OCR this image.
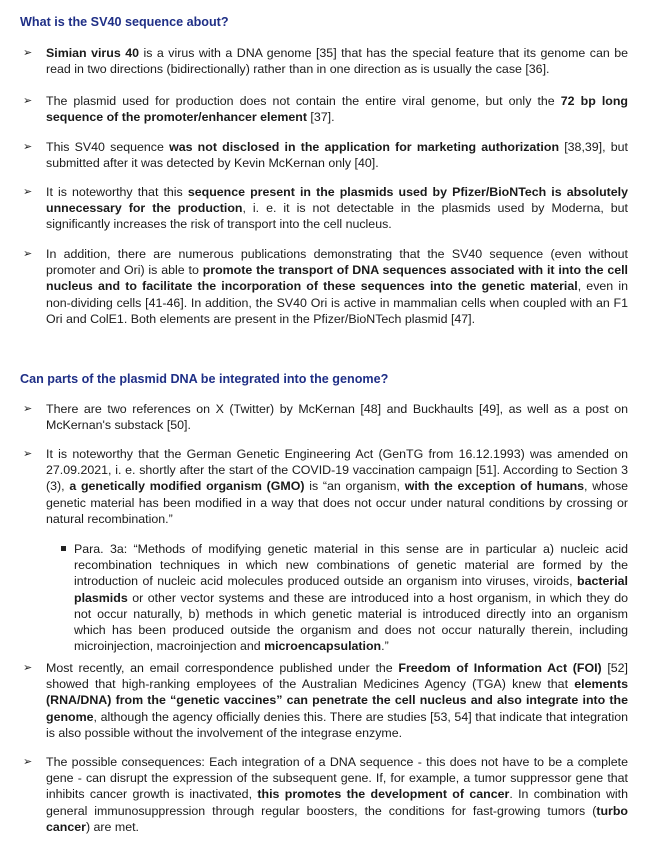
What is the SV40 sequence about?
➢ Simian virus 40 is a virus with a DNA genome [35] that has the special feature that its genome can be read in two directions (bidirectionally) rather than in one direction as is usually the case [36].

➢ The plasmid used for production does not contain the entire viral genome, but only the 72 bp long sequence of the promoter/enhancer element [37].

➢ This SV40 sequence was not disclosed in the application for marketing authorization [38,39], but submitted after it was detected by Kevin McKernan only [40].

➢ It is noteworthy that this sequence present in the plasmids used by Pfizer/BioNTech is absolutely unnecessary for the production, i. e. it is not detectable in the plasmids used by Moderna, but significantly increases the risk of transport into the cell nucleus.

➢ In addition, there are numerous publications demonstrating that the SV40 sequence (even without promoter and Ori) is able to promote the transport of DNA sequences associated with it into the cell nucleus and to facilitate the incorporation of these sequences into the genetic material, even in non-dividing cells [41-46]. In addition, the SV40 Ori is active in mammalian cells when coupled with an F1 Ori and ColE1. Both elements are present in the Pfizer/BioNTech plasmid [47].

Can parts of the plasmid DNA be integrated into the genome?
➢ There are two references on X (Twitter) by McKernan [48] and Buckhaults [49], as well as a post on McKernan's substack [50].

➢ It is noteworthy that the German Genetic Engineering Act (GenTG from 16.12.1993) was amended on 27.09.2021, i. e. shortly after the start of the COVID-19 vaccination campaign [51]. According to Section 3 (3), a genetically modified organism (GMO) is “an organism, with the exception of humans, whose genetic material has been modified in a way that does not occur under natural conditions by crossing or natural recombination.”

Para. 3a: “Methods of modifying genetic material in this sense are in particular a) nucleic acid recombination techniques in which new combinations of genetic material are formed by the introduction of nucleic acid molecules produced outside an organism into viruses, viroids, bacterial plasmids or other vector systems and these are introduced into a host organism, in which they do not occur naturally, b) methods in which genetic material is introduced directly into an organism which has been produced outside the organism and does not occur naturally therein, including microinjection, macroinjection and microencapsulation.”

➢ Most recently, an email correspondence published under the Freedom of Information Act (FOI) [52] showed that high-ranking employees of the Australian Medicines Agency (TGA) knew that elements (RNA/DNA) from the “genetic vaccines” can penetrate the cell nucleus and also integrate into the genome, although the agency officially denies this. There are studies [53, 54] that indicate that integration is also possible without the involvement of the integrase enzyme.

➢ The possible consequences: Each integration of a DNA sequence - this does not have to be a complete gene - can disrupt the expression of the subsequent gene. If, for example, a tumor suppressor gene that inhibits cancer growth is inactivated, this promotes the development of cancer. In combination with general immunosuppression through regular boosters, the conditions for fast-growing tumors (turbo cancer) are met.
